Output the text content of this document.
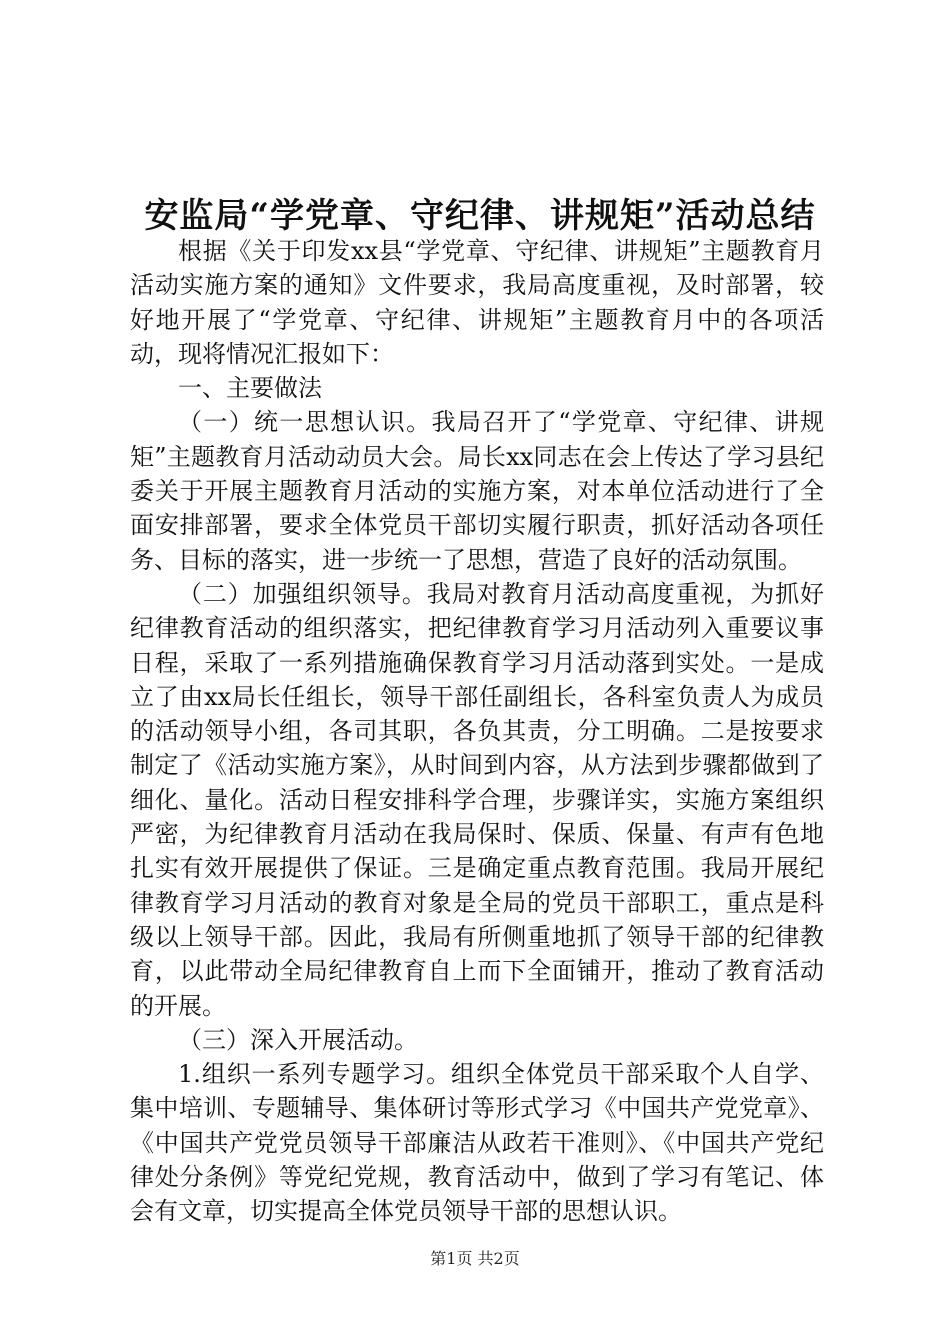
安监局“学党章、守纪律、讲规矩”活动总结

根据《关于印发xx县“学党章、守纪律、讲规矩”主题教育月活动实施方案的通知》文件要求，我局高度重视，及时部署，较好地开展了“学党章、守纪律、讲规矩”主题教育月中的各项活动，现将情况汇报如下：

一、主要做法

（一）统一思想认识。我局召开了“学党章、守纪律、讲规矩”主题教育月活动动员大会。局长xx同志在会上传达了学习县纪委关于开展主题教育月活动的实施方案，对本单位活动进行了全面安排部署，要求全体党员干部切实履行职责，抓好活动各项任务、目标的落实，进一步统一了思想，营造了良好的活动氛围。

（二）加强组织领导。我局对教育月活动高度重视，为抓好纪律教育活动的组织落实，把纪律教育学习月活动列入重要议事日程，采取了一系列措施确保教育学习月活动落到实处。一是成立了由xx局长任组长，领导干部任副组长，各科室负责人为成员的活动领导小组，各司其职，各负其责，分工明确。二是按要求制定了《活动实施方案》，从时间到内容，从方法到步骤都做到了细化、量化。活动日程安排科学合理，步骤详实，实施方案组织严密，为纪律教育月活动在我局保时、保质、保量、有声有色地扎实有效开展提供了保证。三是确定重点教育范围。我局开展纪律教育学习月活动的教育对象是全局的党员干部职工，重点是科级以上领导干部。因此，我局有所侧重地抓了领导干部的纪律教育，以此带动全局纪律教育自上而下全面铺开，推动了教育活动的开展。

（三）深入开展活动。

1.组织一系列专题学习。组织全体党员干部采取个人自学、集中培训、专题辅导、集体研讨等形式学习《中国共产党党章》、《中国共产党党员领导干部廉洁从政若干准则》、《中国共产党纪律处分条例》等党纪党规，教育活动中，做到了学习有笔记、体会有文章，切实提高全体党员领导干部的思想认识。

第1页 共2页
